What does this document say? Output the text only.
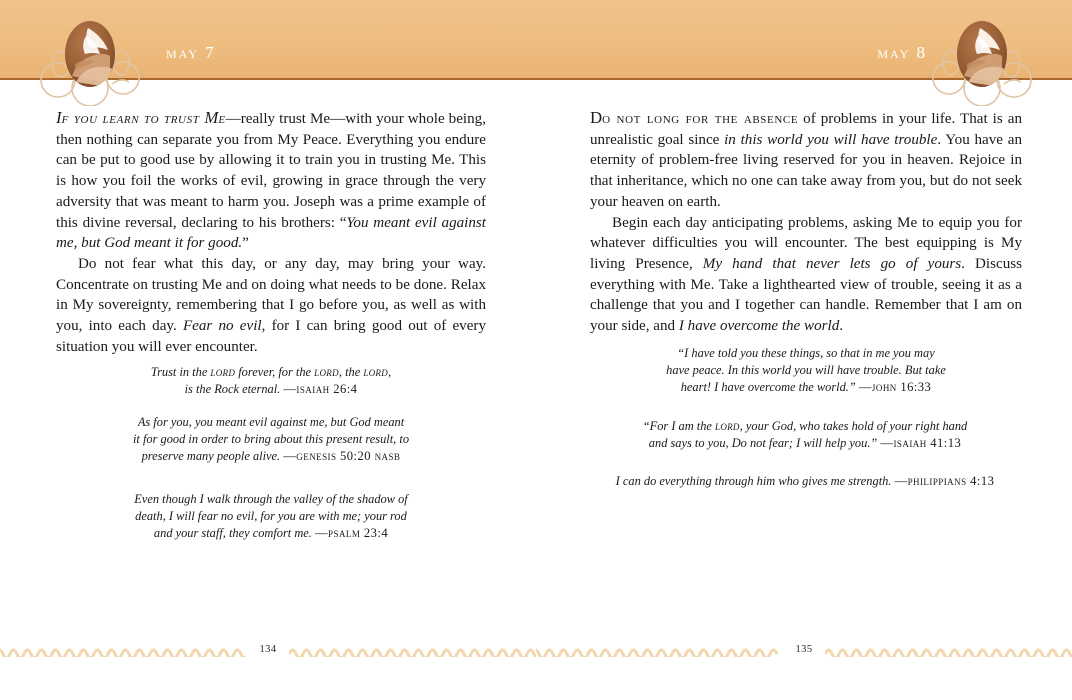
may 7

If you learn to trust Me—really trust Me—with your whole being, then nothing can separate you from My Peace. Everything you endure can be put to good use by allowing it to train you in trusting Me. This is how you foil the works of evil, growing in grace through the very adversity that was meant to harm you. Joseph was a prime example of this divine reversal, declaring to his brothers: “You meant evil against me, but God meant it for good.”

Do not fear what this day, or any day, may bring your way. Concentrate on trusting Me and on doing what needs to be done. Relax in My sovereignty, remembering that I go before you, as well as with you, into each day. Fear no evil, for I can bring good out of every situation you will ever encounter.

Trust in the lord forever, for the lord, the lord,
is the Rock eternal. —isaiah 26:4
As for you, you meant evil against me, but God meant
it for good in order to bring about this present result, to
preserve many people alive. —genesis 50:20 nasb
Even though I walk through the valley of the shadow of
death, I will fear no evil, for you are with me; your rod
and your staff, they comfort me. —psalm 23:4
134
may 8

Do not long for the absence of problems in your life. That is an unrealistic goal since in this world you will have trouble. You have an eternity of problem-free living reserved for you in heaven. Rejoice in that inheritance, which no one can take away from you, but do not seek your heaven on earth.

Begin each day anticipating problems, asking Me to equip you for whatever difficulties you will encounter. The best equipping is My living Presence, My hand that never lets go of yours. Discuss everything with Me. Take a lighthearted view of trouble, seeing it as a challenge that you and I together can handle. Remember that I am on your side, and I have overcome the world.

“I have told you these things, so that in me you may
have peace. In this world you will have trouble. But take
heart! I have overcome the world.” —john 16:33
“For I am the lord, your God, who takes hold of your right hand
and says to you, Do not fear; I will help you.” —isaiah 41:13
I can do everything through him who gives me strength. —philippians 4:13
135
